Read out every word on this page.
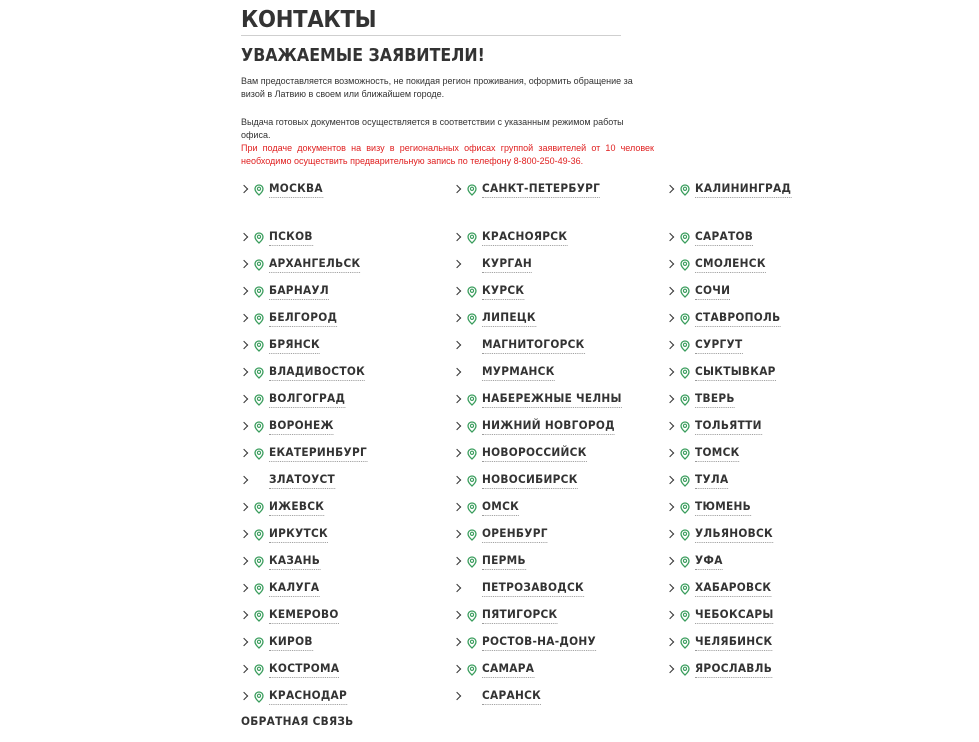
КОНТАКТЫ
УВАЖАЕМЫЕ ЗАЯВИТЕЛИ!

Вам предоставляется возможность, не покидая регион проживания, оформить обращение за визой в Латвию в своем или ближайшем городе.

Выдача готовых документов осуществляется в соответствии с указанным режимом работы офиса.

При подаче документов на визу в региональных офисах группой заявителей от 10 человек необходимо осуществить предварительную запись по телефону 8-800-250-49-36.

МОСКВА	САНКТ-ПЕТЕРБУРГ	КАЛИНИНГРАД
ПСКОВ
АРХАНГЕЛЬСК
БАРНАУЛ
БЕЛГОРОД
БРЯНСК
ВЛАДИВОСТОК
ВОЛГОГРАД
ВОРОНЕЖ
ЕКАТЕРИНБУРГ
ЗЛАТОУСТ
ИЖЕВСК
ИРКУТСК
КАЗАНЬ
КАЛУГА
КЕМЕРОВО
КИРОВ
КОСТРОМА
КРАСНОДАР
КРАСНОЯРСК
КУРГАН
КУРСК
ЛИПЕЦК
МАГНИТОГОРСК
МУРМАНСК
НАБЕРЕЖНЫЕ ЧЕЛНЫ
НИЖНИЙ НОВГОРОД
НОВОРОССИЙСК
НОВОСИБИРСК
ОМСК
ОРЕНБУРГ
ПЕРМЬ
ПЕТРОЗАВОДСК
ПЯТИГОРСК
РОСТОВ-НА-ДОНУ
САМАРА
САРАНСК
САРАТОВ
СМОЛЕНСК
СОЧИ
СТАВРОПОЛЬ
СУРГУТ
СЫКТЫВКАР
ТВЕРЬ
ТОЛЬЯТТИ
ТОМСК
ТУЛА
ТЮМЕНЬ
УЛЬЯНОВСК
УФА
ХАБАРОВСК
ЧЕБОКСАРЫ
ЧЕЛЯБИНСК
ЯРОСЛАВЛЬ
ОБРАТНАЯ СВЯЗЬ
